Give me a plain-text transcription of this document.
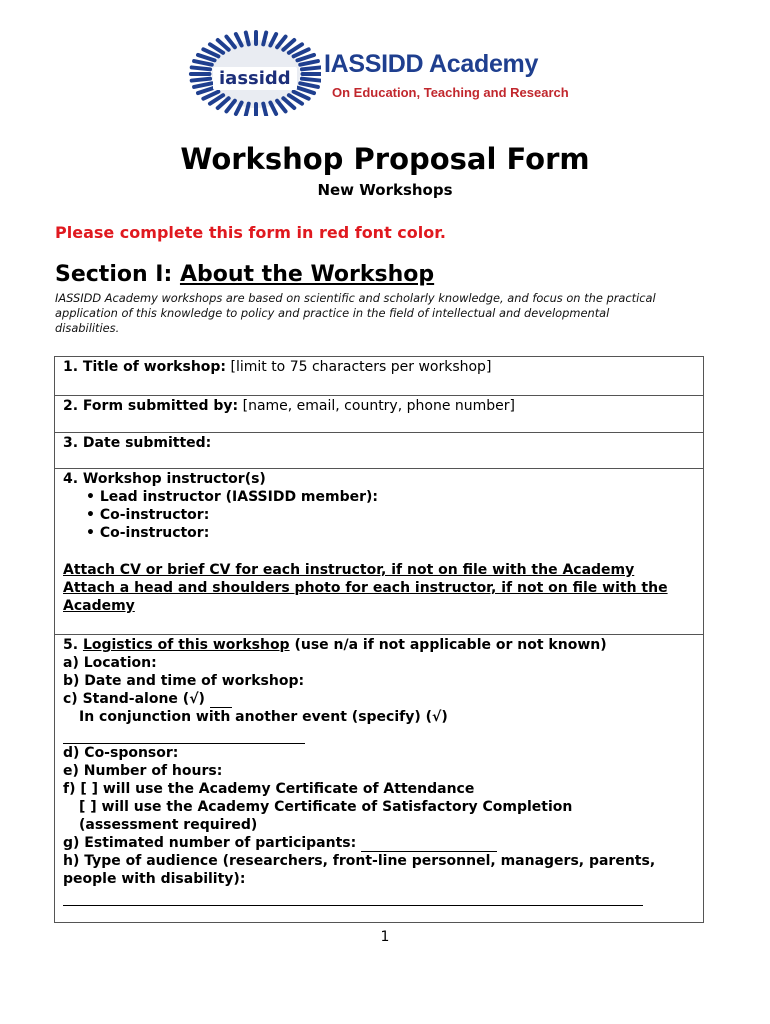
iassidd
IASSIDD Academy
On Education, Teaching and Research
Workshop Proposal Form
New Workshops
Please complete this form in red font color.
Section I: About the Workshop
IASSIDD Academy workshops are based on scientific and scholarly knowledge, and focus on the practical application of this knowledge to policy and practice in the field of intellectual and developmental disabilities.
1. Title of workshop: [limit to 75 characters per workshop]
2. Form submitted by: [name, email, country, phone number]
3. Date submitted:
4. Workshop instructor(s)
• Lead instructor (IASSIDD member):
• Co-instructor:
• Co-instructor:
Attach CV or brief CV for each instructor, if not on file with the Academy
Attach a head and shoulders photo for each instructor, if not on file with the Academy
5. Logistics of this workshop (use n/a if not applicable or not known)
a) Location:
b) Date and time of workshop:
c) Stand-alone (√)
In conjunction with another event (specify) (√)
d) Co-sponsor:
e) Number of hours:
f) [ ] will use the Academy Certificate of Attendance
[ ] will use the Academy Certificate of Satisfactory Completion
(assessment required)
g) Estimated number of participants:
h) Type of audience (researchers, front-line personnel, managers, parents, people with disability):
1
